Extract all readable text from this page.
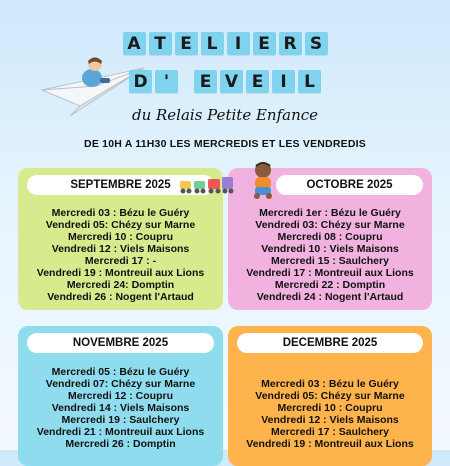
A T E L	I	E R S
D '	E V E	I	L
du Relais Petite Enfance
DE 10H A 11H30 LES MERCREDIS ET LES VENDREDIS
SEPTEMBRE 2025
Mercredi 03 : Bézu le Guéry
Vendredi 05: Chézy sur Marne
Mercredi 10 : Coupru
Vendredi 12 : Viels Maisons
Mercredi 17 : -
Vendredi 19 : Montreuil aux Lions
Mercredi 24: Domptin
Vendredi 26 : Nogent l'Artaud
OCTOBRE 2025
Mercredi 1er : Bézu le Guéry
Vendredi 03: Chézy sur Marne
Mercredi 08 : Coupru
Vendredi 10 : Viels Maisons
Mercredi 15 : Saulchery
Vendredi 17 : Montreuil aux Lions
Mercredi 22 : Domptin
Vendredi 24 : Nogent l'Artaud
NOVEMBRE 2025
Mercredi 05 : Bézu le Guéry
Vendredi 07: Chézy sur Marne
Mercredi 12 : Coupru
Vendredi 14 : Viels Maisons
Mercredi 19 : Saulchery
Vendredi 21 : Montreuil aux Lions
Mercredi 26 : Domptin
DECEMBRE 2025
Mercredi 03 : Bézu le Guéry
Vendredi 05: Chézy sur Marne
Mercredi 10 : Coupru
Vendredi 12 : Viels Maisons
Mercredi 17 : Saulchery
Vendredi 19 : Montreuil aux Lions
